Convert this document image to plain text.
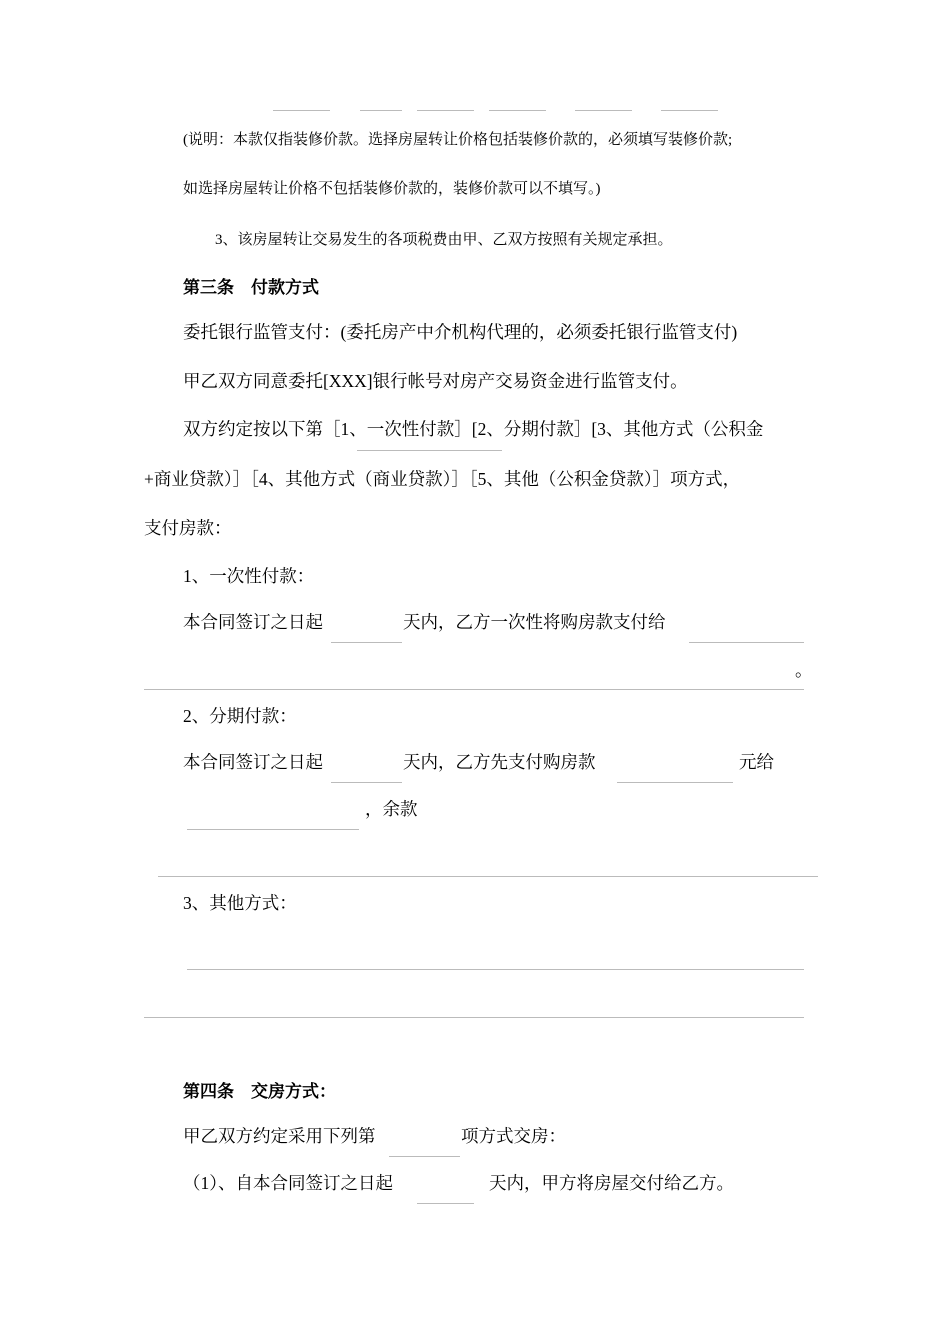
(说明：本款仅指装修价款。选择房屋转让价格包括装修价款的，必须填写装修价款;
如选择房屋转让价格不包括装修价款的，装修价款可以不填写。)
3、该房屋转让交易发生的各项税费由甲、乙双方按照有关规定承担。
第三条　付款方式
委托银行监管支付：(委托房产中介机构代理的，必须委托银行监管支付)
甲乙双方同意委托[XXX]银行帐号对房产交易资金进行监管支付。
双方约定按以下第［1、一次性付款］[2、分期付款］[3、其他方式（公积金
+商业贷款）］［4、其他方式（商业贷款）］［5、其他（公积金贷款）］项方式，
支付房款：
1、一次性付款：
本合同签订之日起	天内，乙方一次性将购房款支付给
。
2、分期付款：
本合同签订之日起	天内，乙方先支付购房款	元给
，余款
3、其他方式：
第四条　交房方式：
甲乙双方约定采用下列第	项方式交房：
（1）、自本合同签订之日起	天内，甲方将房屋交付给乙方。
